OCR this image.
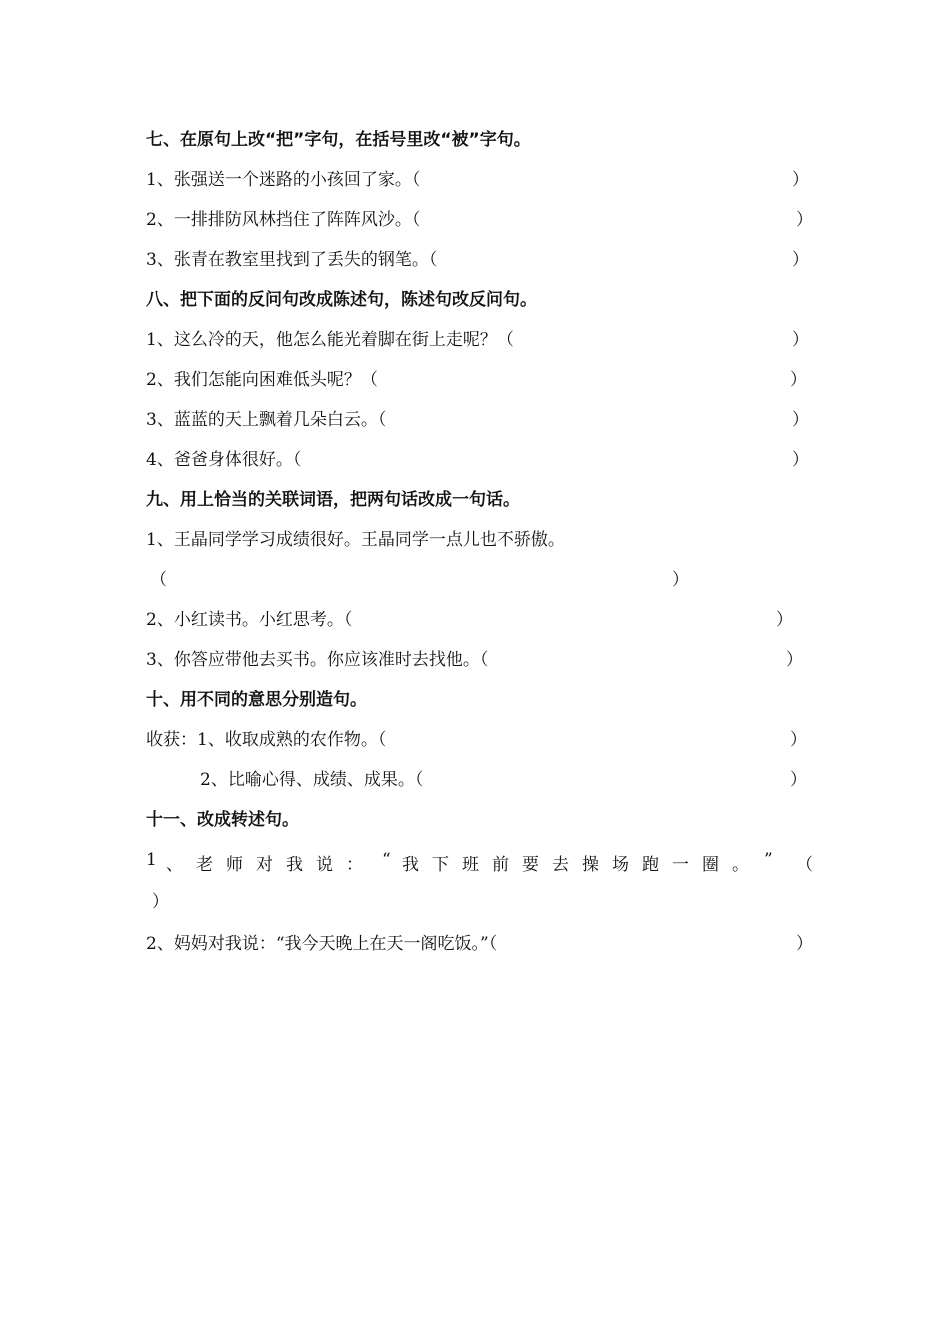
七、在原句上改“把”字句，在括号里改“被”字句。
1、张强送一个迷路的小孩回了家。（	）
2、一排排防风林挡住了阵阵风沙。（	）
3、张青在教室里找到了丢失的钢笔。（	）
八、把下面的反问句改成陈述句，陈述句改反问句。
1、这么冷的天，他怎么能光着脚在街上走呢？（	）
2、我们怎能向困难低头呢？（	）
3、蓝蓝的天上飘着几朵白云。（	）
4、爸爸身体很好。（	）
九、用上恰当的关联词语，把两句话改成一句话。
1、王晶同学学习成绩很好。王晶同学一点儿也不骄傲。
（	）
2、小红读书。小红思考。（	）
3、你答应带他去买书。你应该准时去找他。（	）
十、用不同的意思分别造句。
收获：1、收取成熟的农作物。（	）
2、比喻心得、成绩、成果。（	）
十一、改成转述句。
1 、 老 师 对 我 说 ： “ 我 下 班 前 要 去 操 场 跑 一 圈 。 ” （
）
2、妈妈对我说：“我今天晚上在天一阁吃饭。”（	）
